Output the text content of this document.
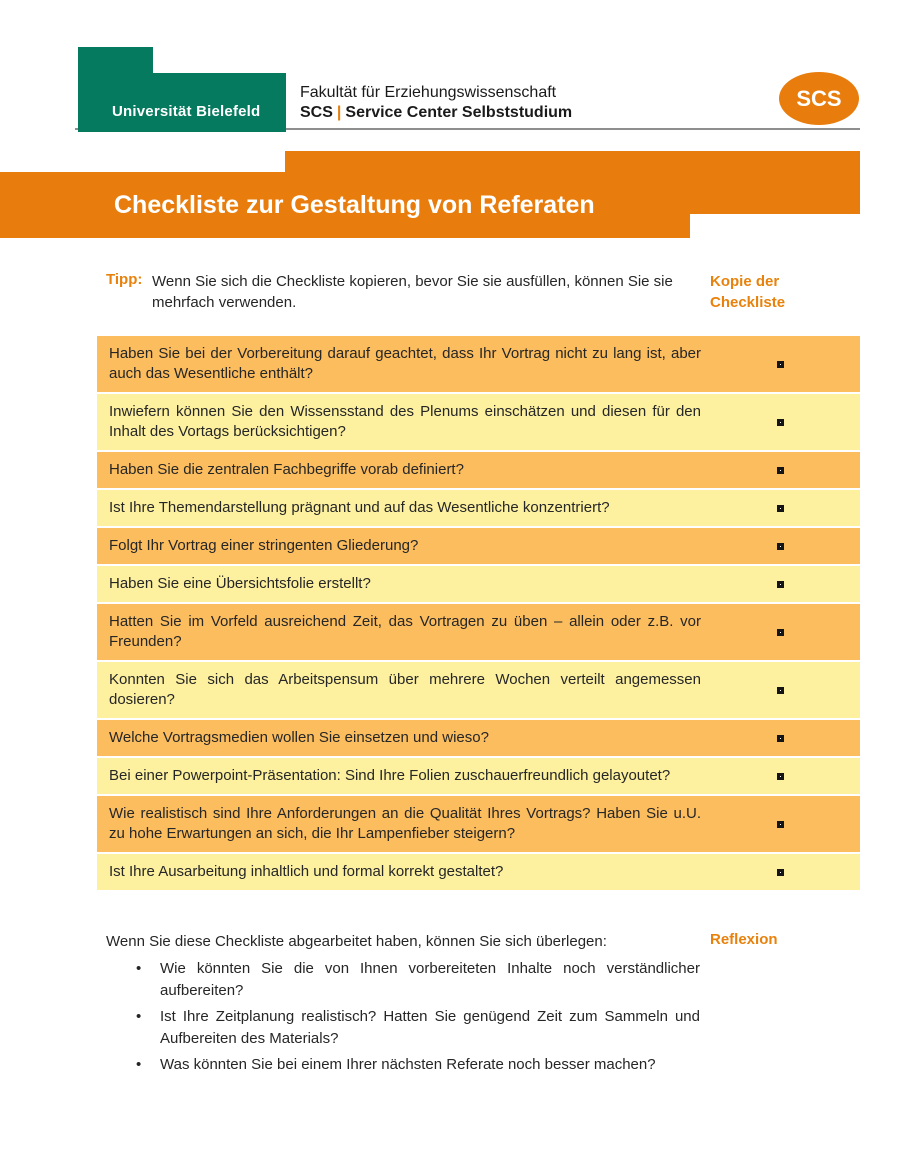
Universität Bielefeld
Fakultät für Erziehungswissenschaft
SCS | Service Center Selbststudium
SCS
Checkliste zur Gestaltung von Referaten
Tipp: Wenn Sie sich die Checkliste kopieren, bevor Sie sie ausfüllen, können Sie sie mehrfach verwenden.

Kopie der Checkliste

Haben Sie bei der Vorbereitung darauf geachtet, dass Ihr Vortrag nicht zu lang ist, aber auch das Wesentliche enthält?

Inwiefern können Sie den Wissensstand des Plenums einschätzen und diesen für den Inhalt des Vortags berücksichtigen?

Haben Sie die zentralen Fachbegriffe vorab definiert?

Ist Ihre Themendarstellung prägnant und auf das Wesentliche konzentriert?

Folgt Ihr Vortrag einer stringenten Gliederung?

Haben Sie eine Übersichtsfolie erstellt?

Hatten Sie im Vorfeld ausreichend Zeit, das Vortragen zu üben – allein oder z.B. vor Freunden?

Konnten Sie sich das Arbeitspensum über mehrere Wochen verteilt angemessen dosieren?

Welche Vortragsmedien wollen Sie einsetzen und wieso?

Bei einer Powerpoint-Präsentation: Sind Ihre Folien zuschauerfreundlich gelayoutet?

Wie realistisch sind Ihre Anforderungen an die Qualität Ihres Vortrags? Haben Sie u.U. zu hohe Erwartungen an sich, die Ihr Lampenfieber steigern?

Ist Ihre Ausarbeitung inhaltlich und formal korrekt gestaltet?

Wenn Sie diese Checkliste abgearbeitet haben, können Sie sich überlegen:	Reflexion
• Wie könnten Sie die von Ihnen vorbereiteten Inhalte noch verständlicher aufbereiten?
• Ist Ihre Zeitplanung realistisch? Hatten Sie genügend Zeit zum Sammeln und Aufbereiten des Materials?
• Was könnten Sie bei einem Ihrer nächsten Referate noch besser machen?
